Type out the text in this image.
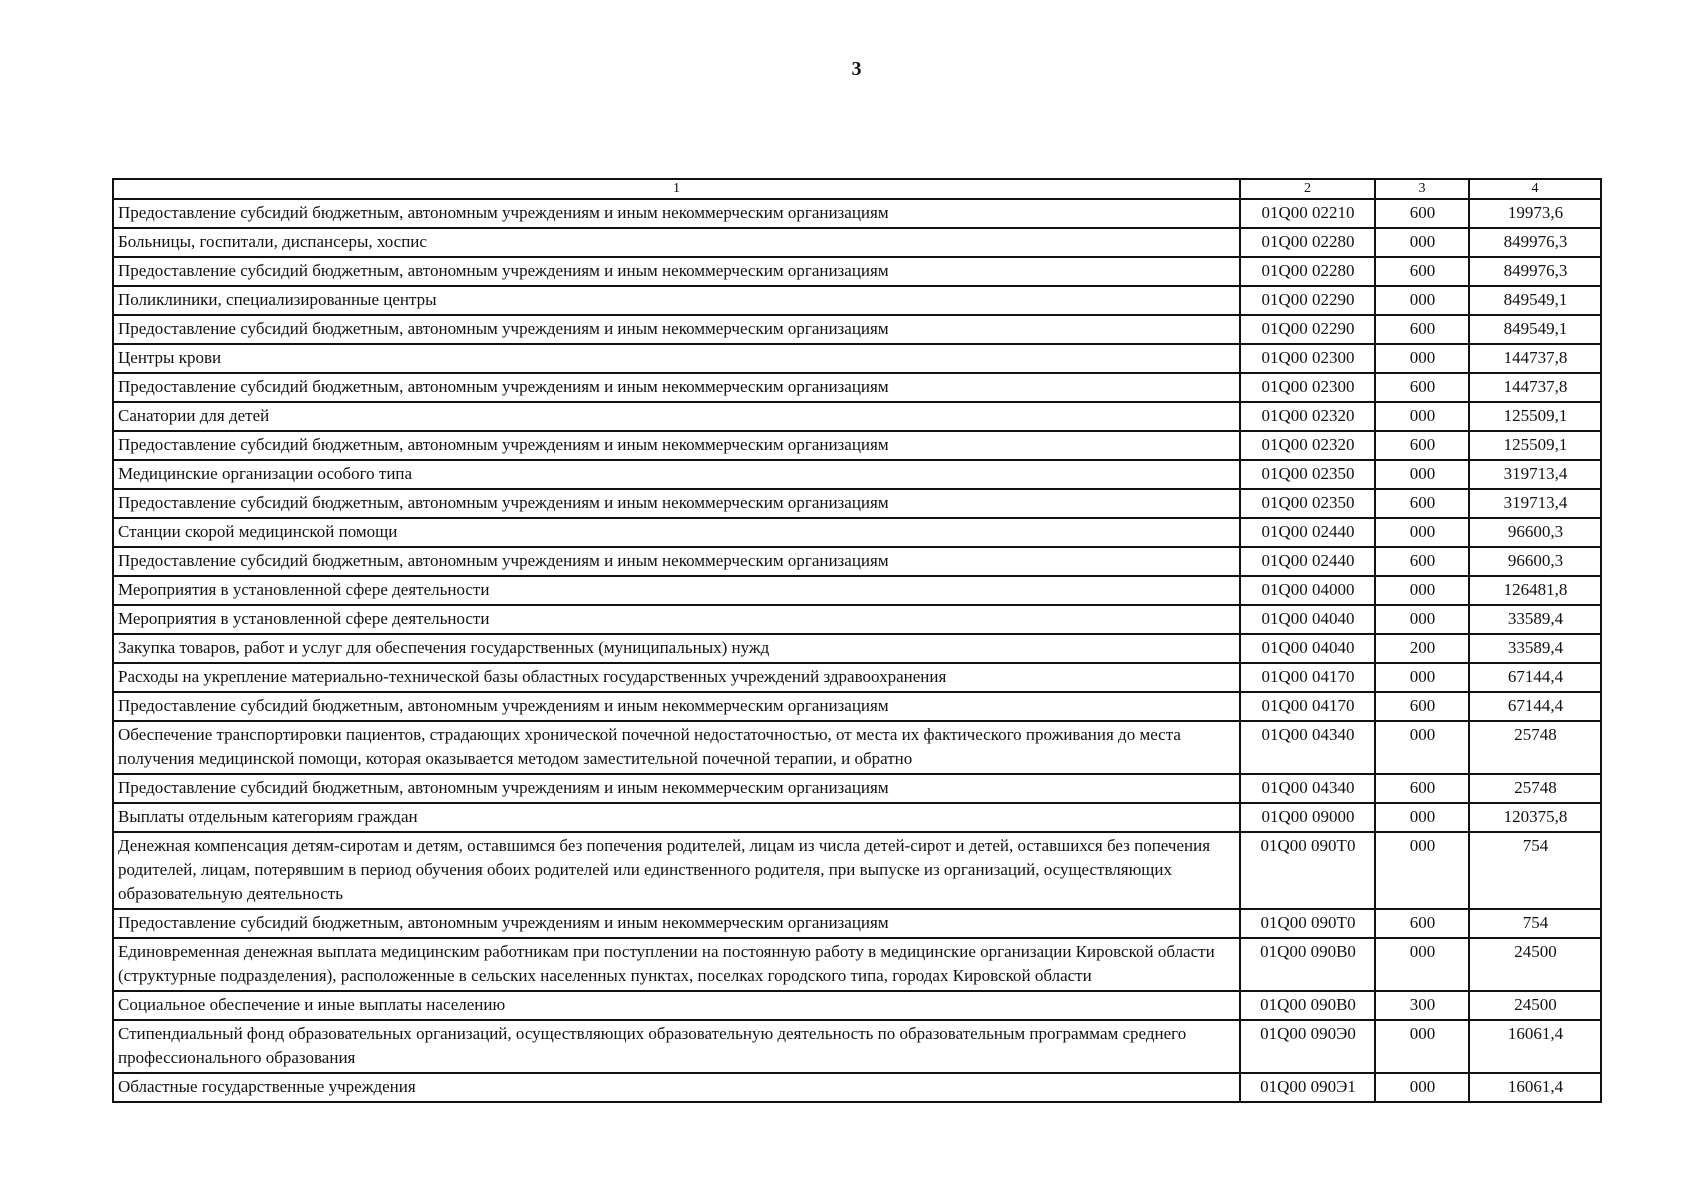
3
1	2	3	4
Предоставление субсидий бюджетным, автономным учреждениям и иным некоммерческим организациям	01Q00 02210	600	19973,6
Больницы, госпитали, диспансеры, хоспис	01Q00 02280	000	849976,3
Предоставление субсидий бюджетным, автономным учреждениям и иным некоммерческим организациям	01Q00 02280	600	849976,3
Поликлиники, специализированные центры	01Q00 02290	000	849549,1
Предоставление субсидий бюджетным, автономным учреждениям и иным некоммерческим организациям	01Q00 02290	600	849549,1
Центры крови	01Q00 02300	000	144737,8
Предоставление субсидий бюджетным, автономным учреждениям и иным некоммерческим организациям	01Q00 02300	600	144737,8
Санатории для детей	01Q00 02320	000	125509,1
Предоставление субсидий бюджетным, автономным учреждениям и иным некоммерческим организациям	01Q00 02320	600	125509,1
Медицинские организации особого типа	01Q00 02350	000	319713,4
Предоставление субсидий бюджетным, автономным учреждениям и иным некоммерческим организациям	01Q00 02350	600	319713,4
Станции скорой медицинской помощи	01Q00 02440	000	96600,3
Предоставление субсидий бюджетным, автономным учреждениям и иным некоммерческим организациям	01Q00 02440	600	96600,3
Мероприятия в установленной сфере деятельности	01Q00 04000	000	126481,8
Мероприятия в установленной сфере деятельности	01Q00 04040	000	33589,4
Закупка товаров, работ и услуг для обеспечения государственных (муниципальных) нужд	01Q00 04040	200	33589,4
Расходы на укрепление материально-технической базы областных государственных учреждений здравоохранения	01Q00 04170	000	67144,4
Предоставление субсидий бюджетным, автономным учреждениям и иным некоммерческим организациям	01Q00 04170	600	67144,4
Обеспечение транспортировки пациентов, страдающих хронической почечной недостаточностью, от места их фактического проживания до места получения медицинской помощи, которая оказывается методом заместительной почечной терапии, и обратно	01Q00 04340	000	25748
Предоставление субсидий бюджетным, автономным учреждениям и иным некоммерческим организациям	01Q00 04340	600	25748
Выплаты отдельным категориям граждан	01Q00 09000	000	120375,8
Денежная компенсация детям-сиротам и детям, оставшимся без попечения родителей, лицам из числа детей-сирот и детей, оставшихся без попечения родителей, лицам, потерявшим в период обучения обоих родителей или единственного родителя, при выпуске из организаций, осуществляющих образовательную деятельность	01Q00 090Т0	000	754
Предоставление субсидий бюджетным, автономным учреждениям и иным некоммерческим организациям	01Q00 090Т0	600	754
Единовременная денежная выплата медицинским работникам при поступлении на постоянную работу в медицинские организации Кировской области (структурные подразделения), расположенные в сельских населенных пунктах, поселках городского типа, городах Кировской области	01Q00 090В0	000	24500
Социальное обеспечение и иные выплаты населению	01Q00 090В0	300	24500
Стипендиальный фонд образовательных организаций, осуществляющих образовательную деятельность по образовательным программам среднего профессионального образования	01Q00 090Э0	000	16061,4
Областные государственные учреждения	01Q00 090Э1	000	16061,4
